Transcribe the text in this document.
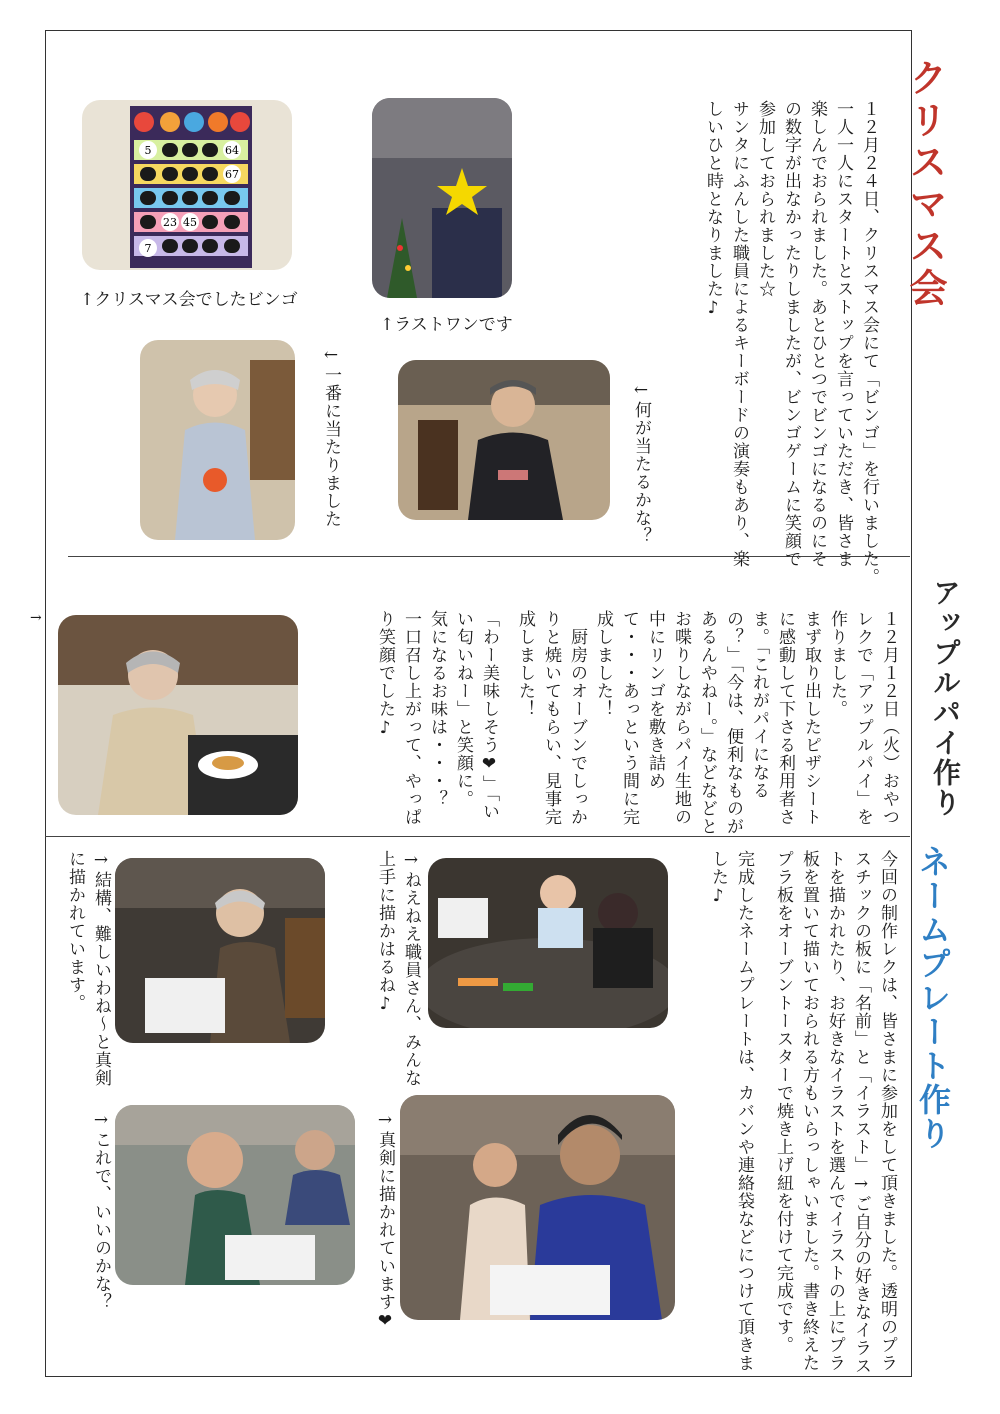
クリスマス会
１２月２４日、クリスマス会にて「ビンゴ」を行いました。
一人一人にスタートとストップを言っていただき、皆さま
楽しんでおられました。あとひとつでビンゴになるのにそ
の数字が出なかったりしましたが、ビンゴゲームに笑顔で
参加しておられました☆
サンタにふんした職員によるキーボードの演奏もあり、楽
しいひと時となりました♪
5	64
67
23 45
7
↑クリスマス会でしたビンゴ
↑ラストワンです
←一番に当たりました	←何が当たるかな？
→	アップルパイ作り
１２月１２日（火）おやつ
レクで「アップルパイ」を
作りました。
まず取り出したピザシート
に感動して下さる利用者さ
ま。「これがパイになる
の？」「今は、便利なものが
あるんやねー。」などなどと
お喋りしながらパイ生地の
中にリンゴを敷き詰め
て・・・あっという間に完
成しました！
　厨房のオーブンでしっか
りと焼いてもらい、見事完
成しました！
「わー美味しそう❤」「い
い匂いねー」と笑顔に。
気になるお味は・・・？
一口召し上がって、やっぱ
り笑顔でした♪
ネームプレート作り
今回の制作レクは、皆さまに参加をして頂きました。透明のプラ
スチックの板に「名前」と「イラスト」→ご自分の好きなイラス
トを描かれたり、お好きなイラストを選んでイラストの上にプラ
板を置いて描いておられる方もいらっしゃいました。書き終えた
プラ板をオーブントースターで焼き上げ紐を付けて完成です。
完成したネームプレートは、カバンや連絡袋などにつけて頂きま
した♪
→ねえねえ職員さん、みんな
上手に描かはるね♪
→真剣に描かれています❤
→結構、難しいわね～と真剣
に描かれています。
→これで、いいのかな？
